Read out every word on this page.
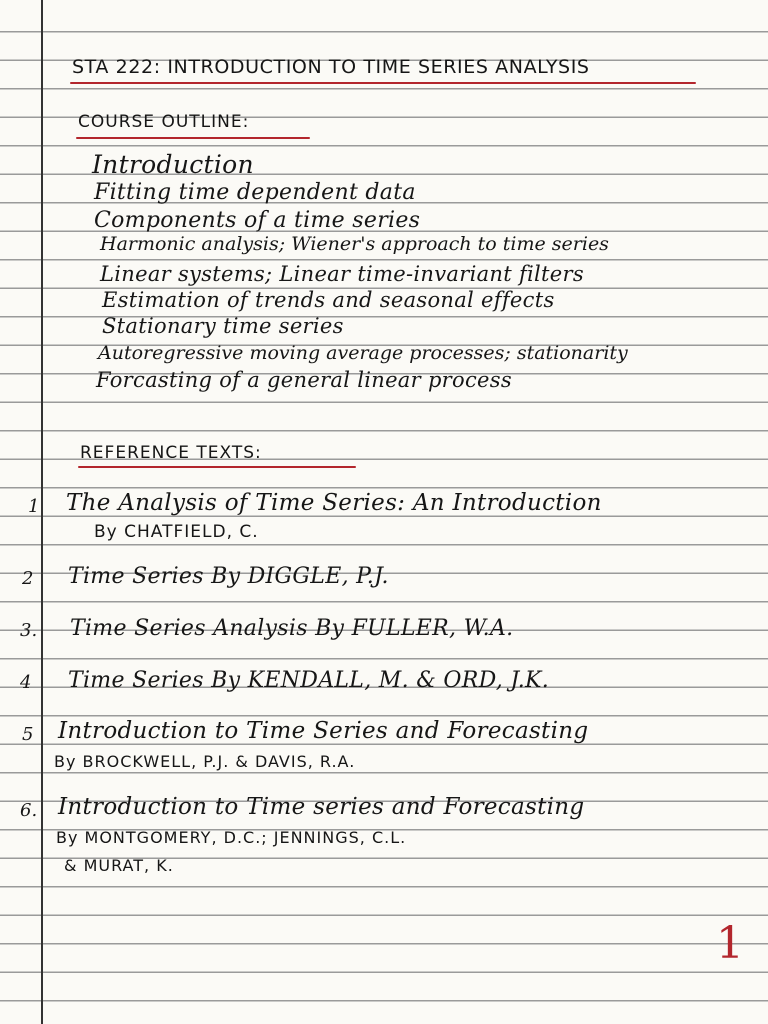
STA 222: INTRODUCTION TO TIME SERIES ANALYSIS
COURSE OUTLINE:
Introduction
Fitting time dependent data
Components of a time series
Harmonic analysis; Wiener's approach to time series
Linear systems; Linear time-invariant filters
Estimation of trends and seasonal effects
Stationary time series
Autoregressive moving average processes; stationarity
Forcasting of a general linear process
REFERENCE TEXTS:
1 The Analysis of Time Series: An Introduction
By CHATFIELD, C.
2 Time Series By DIGGLE, P.J.
3. Time Series Analysis By FULLER, W.A.
4 Time Series By KENDALL, M. & ORD, J.K.
5 Introduction to Time Series and Forecasting
By BROCKWELL, P.J. & DAVIS, R.A.
6. Introduction to Time series and Forecasting
By MONTGOMERY, D.C.; JENNINGS, C.L.
& MURAT, K.
1
